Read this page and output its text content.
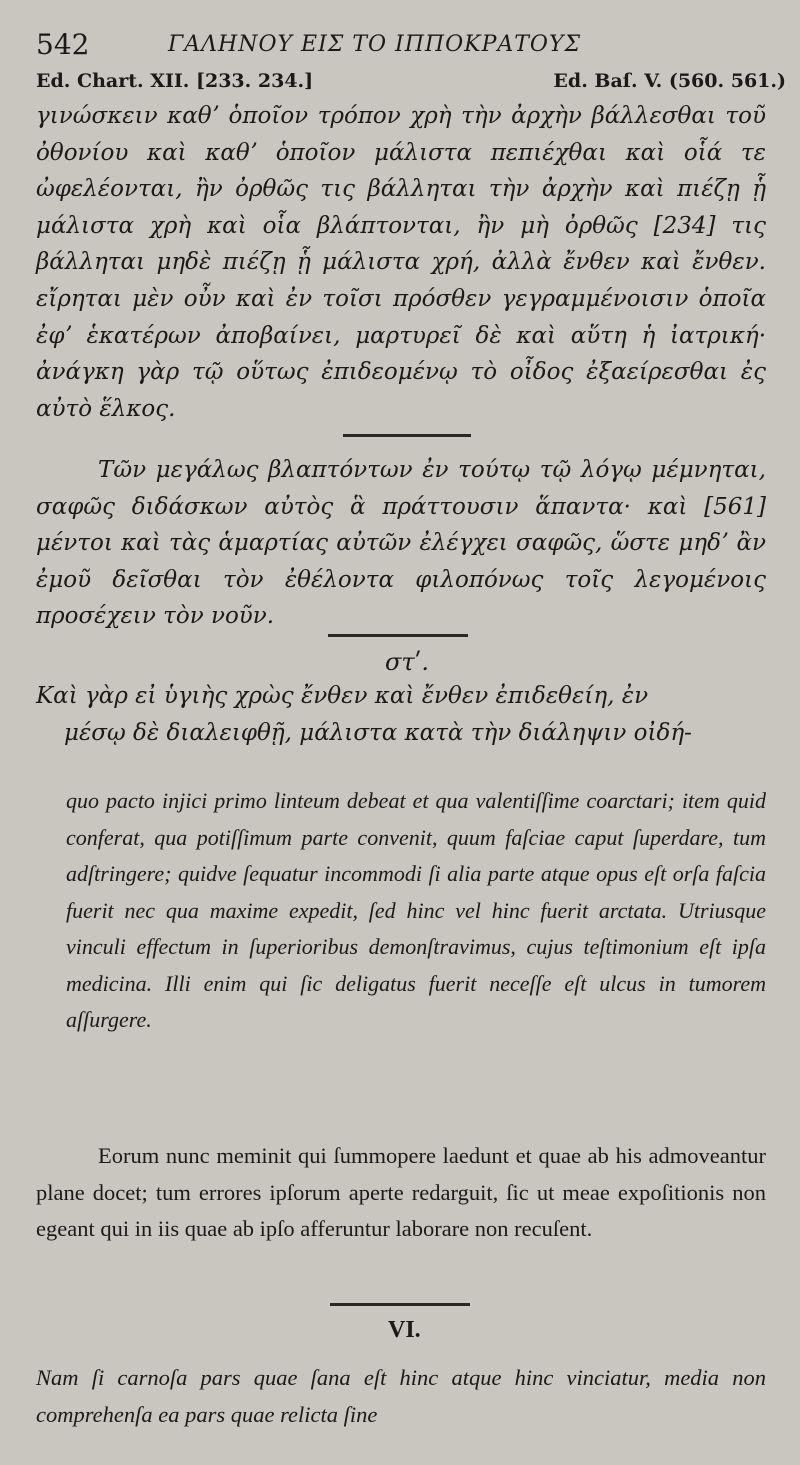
542	ΓΑΛΗΝΟΥ ΕΙΣ ΤΟ ΙΠΠΟΚΡΑΤΟΥΣ
Ed. Chart. XII. [233. 234.]	Ed. Baſ. V. (560. 561.)

γινώσκειν καθʼ ὁποῖον τρόπον χρὴ τὴν ἀρχὴν βάλλεσθαι τοῦ ὀθονίου καὶ καθʼ ὁποῖον μάλιστα πεπιέχθαι καὶ οἷά τε ὠφελέονται, ἢν ὀρθῶς τις βάλληται τὴν ἀρχὴν καὶ πιέζῃ ᾗ μάλιστα χρὴ καὶ οἷα βλάπτονται, ἢν μὴ ὀρθῶς [234] τις βάλληται μηδὲ πιέζῃ ᾗ μάλιστα χρή, ἀλλὰ ἔνθεν καὶ ἔνθεν. εἴρηται μὲν οὖν καὶ ἐν τοῖσι πρόσθεν γεγραμμένοισιν ὁποῖα ἐφʼ ἑκατέρων ἀποβαίνει, μαρτυρεῖ δὲ καὶ αὕτη ἡ ἰατρική· ἀνάγκη γὰρ τῷ οὕτως ἐπιδεομένῳ τὸ οἶδος ἐξαείρεσθαι ἐς αὐτὸ ἕλκος.

Τῶν μεγάλως βλαπτόντων ἐν τούτῳ τῷ λόγῳ μέμνηται, σαφῶς διδάσκων αὐτὸς ἃ πράττουσιν ἅπαντα· καὶ [561] μέντοι καὶ τὰς ἁμαρτίας αὐτῶν ἐλέγχει σαφῶς, ὥστε μηδʼ ἂν ἐμοῦ δεῖσθαι τὸν ἐθέλοντα φιλοπόνως τοῖς λεγομένοις προσέχειν τὸν νοῦν.

στʹ.
Καὶ γὰρ εἰ ὑγιὴς χρὼς ἔνθεν καὶ ἔνθεν ἐπιδεθείη, ἐν
μέσῳ δὲ διαλειφθῇ, μάλιστα κατὰ τὴν διάληψιν οἰδή-

quo pacto injici primo linteum debeat et qua valentiſſime coarctari; item quid conferat, qua potiſſimum parte convenit, quum faſciae caput ſuperdare, tum adſtringere; quidve ſequatur incommodi ſi alia parte atque opus eſt orſa faſcia fuerit nec qua maxime expedit, ſed hinc vel hinc fuerit arctata. Utriusque vinculi effectum in ſuperioribus demonſtravimus, cujus teſtimonium eſt ipſa medicina. Illi enim qui ſic deligatus fuerit neceſſe eſt ulcus in tumorem aſſurgere.

Eorum nunc meminit qui ſummopere laedunt et quae ab his admoveantur plane docet; tum errores ipſorum aperte redarguit, ſic ut meae expoſitionis non egeant qui in iis quae ab ipſo afferuntur laborare non recuſent.

VI.

Nam ſi carnoſa pars quae ſana eſt hinc atque hinc vinciatur, media non comprehenſa ea pars quae relicta ſine
